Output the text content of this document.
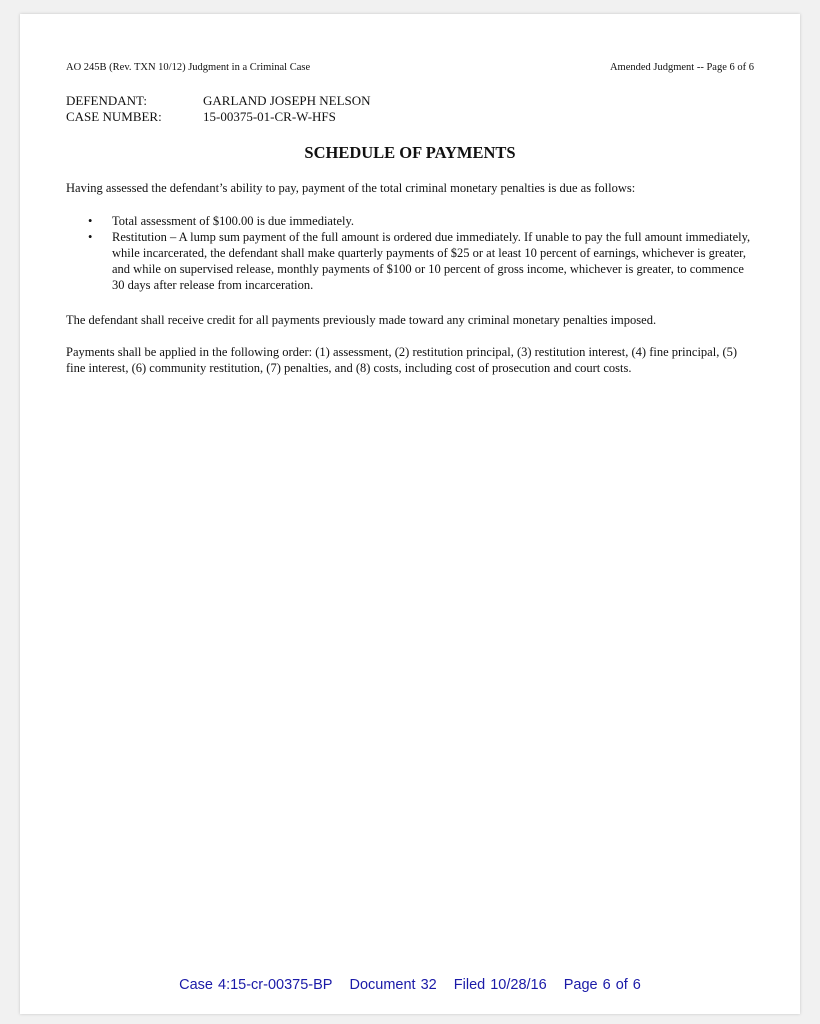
AO 245B (Rev. TXN 10/12) Judgment in a Criminal Case	Amended Judgment -- Page 6 of 6
DEFENDANT:	GARLAND JOSEPH NELSON
CASE NUMBER:	15-00375-01-CR-W-HFS
SCHEDULE OF PAYMENTS
Having assessed the defendant’s ability to pay, payment of the total criminal monetary penalties is due as follows:
• Total assessment of $100.00 is due immediately.
• Restitution – A lump sum payment of the full amount is ordered due immediately. If unable to pay the full amount immediately, while incarcerated, the defendant shall make quarterly payments of $25 or at least 10 percent of earnings, whichever is greater, and while on supervised release, monthly payments of $100 or 10 percent of gross income, whichever is greater, to commence 30 days after release from incarceration.
The defendant shall receive credit for all payments previously made toward any criminal monetary penalties imposed.
Payments shall be applied in the following order: (1) assessment, (2) restitution principal, (3) restitution interest, (4) fine principal, (5) fine interest, (6) community restitution, (7) penalties, and (8) costs, including cost of prosecution and court costs.
Case 4:15-cr-00375-BP Document 32 Filed 10/28/16 Page 6 of 6
